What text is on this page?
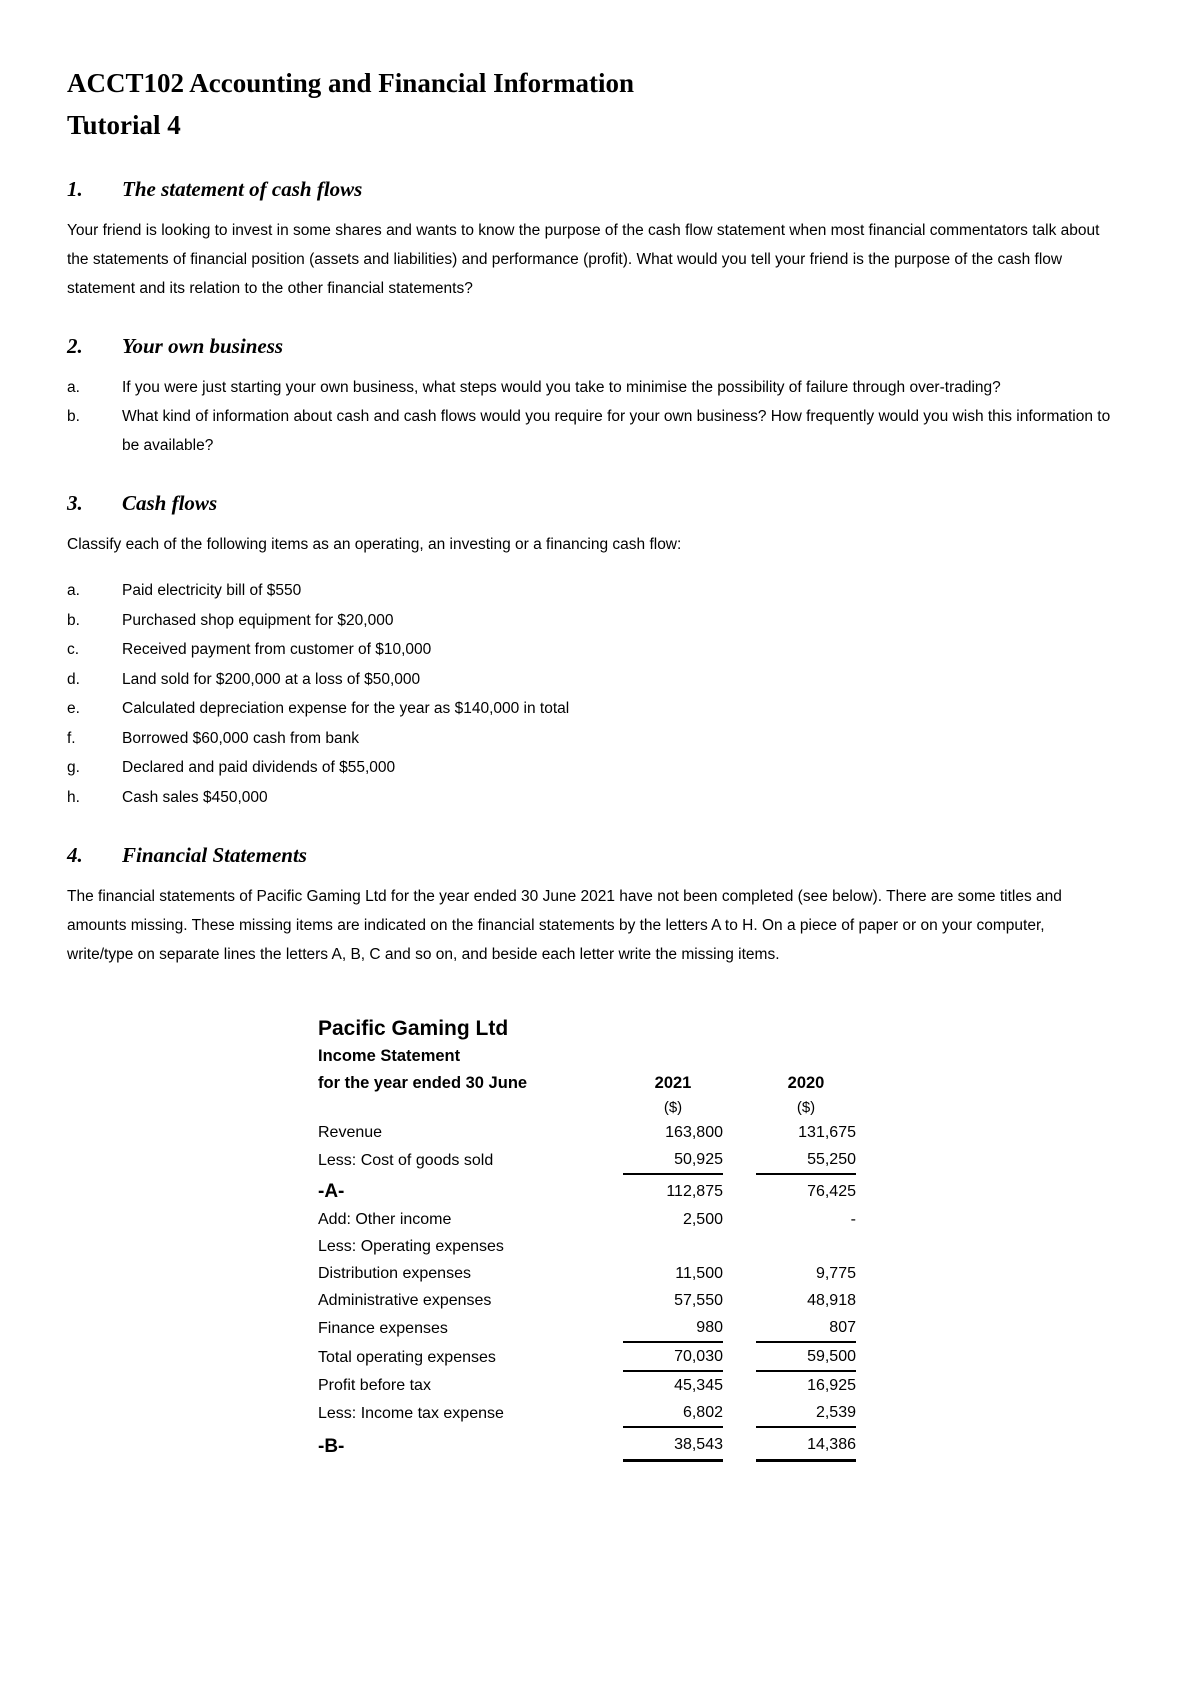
ACCT102 Accounting and Financial Information
Tutorial 4
1.	The statement of cash flows

Your friend is looking to invest in some shares and wants to know the purpose of the cash flow statement when most financial commentators talk about the statements of financial position (assets and liabilities) and performance (profit). What would you tell your friend is the purpose of the cash flow statement and its relation to the other financial statements?

2.	Your own business
a.	If you were just starting your own business, what steps would you take to minimise the possibility of failure through over-trading?
b.	What kind of information about cash and cash flows would you require for your own business? How frequently would you wish this information to be available?
3.	Cash flows

Classify each of the following items as an operating, an investing or a financing cash flow:

a.	Paid electricity bill of $550
b.	Purchased shop equipment for $20,000
c.	Received payment from customer of $10,000
d.	Land sold for $200,000 at a loss of $50,000
e.	Calculated depreciation expense for the year as $140,000 in total
f.	Borrowed $60,000 cash from bank
g.	Declared and paid dividends of $55,000
h.	Cash sales $450,000
4.	Financial Statements

The financial statements of Pacific Gaming Ltd for the year ended 30 June 2021 have not been completed (see below). There are some titles and amounts missing. These missing items are indicated on the financial statements by the letters A to H. On a piece of paper or on your computer, write/type on separate lines the letters A, B, C and so on, and beside each letter write the missing items.

Pacific Gaming Ltd
Income Statement
for the year ended 30 June	2021		2020
	($)		($)
Revenue	163,800		131,675
Less: Cost of goods sold	50,925		55,250
-A-	112,875		76,425
Add: Other income	2,500		-
Less: Operating expenses			
Distribution expenses	11,500		9,775
Administrative expenses	57,550		48,918
Finance expenses	980		807
Total operating expenses	70,030		59,500
Profit before tax	45,345		16,925
Less: Income tax expense	6,802		2,539
-B-	38,543		14,386
